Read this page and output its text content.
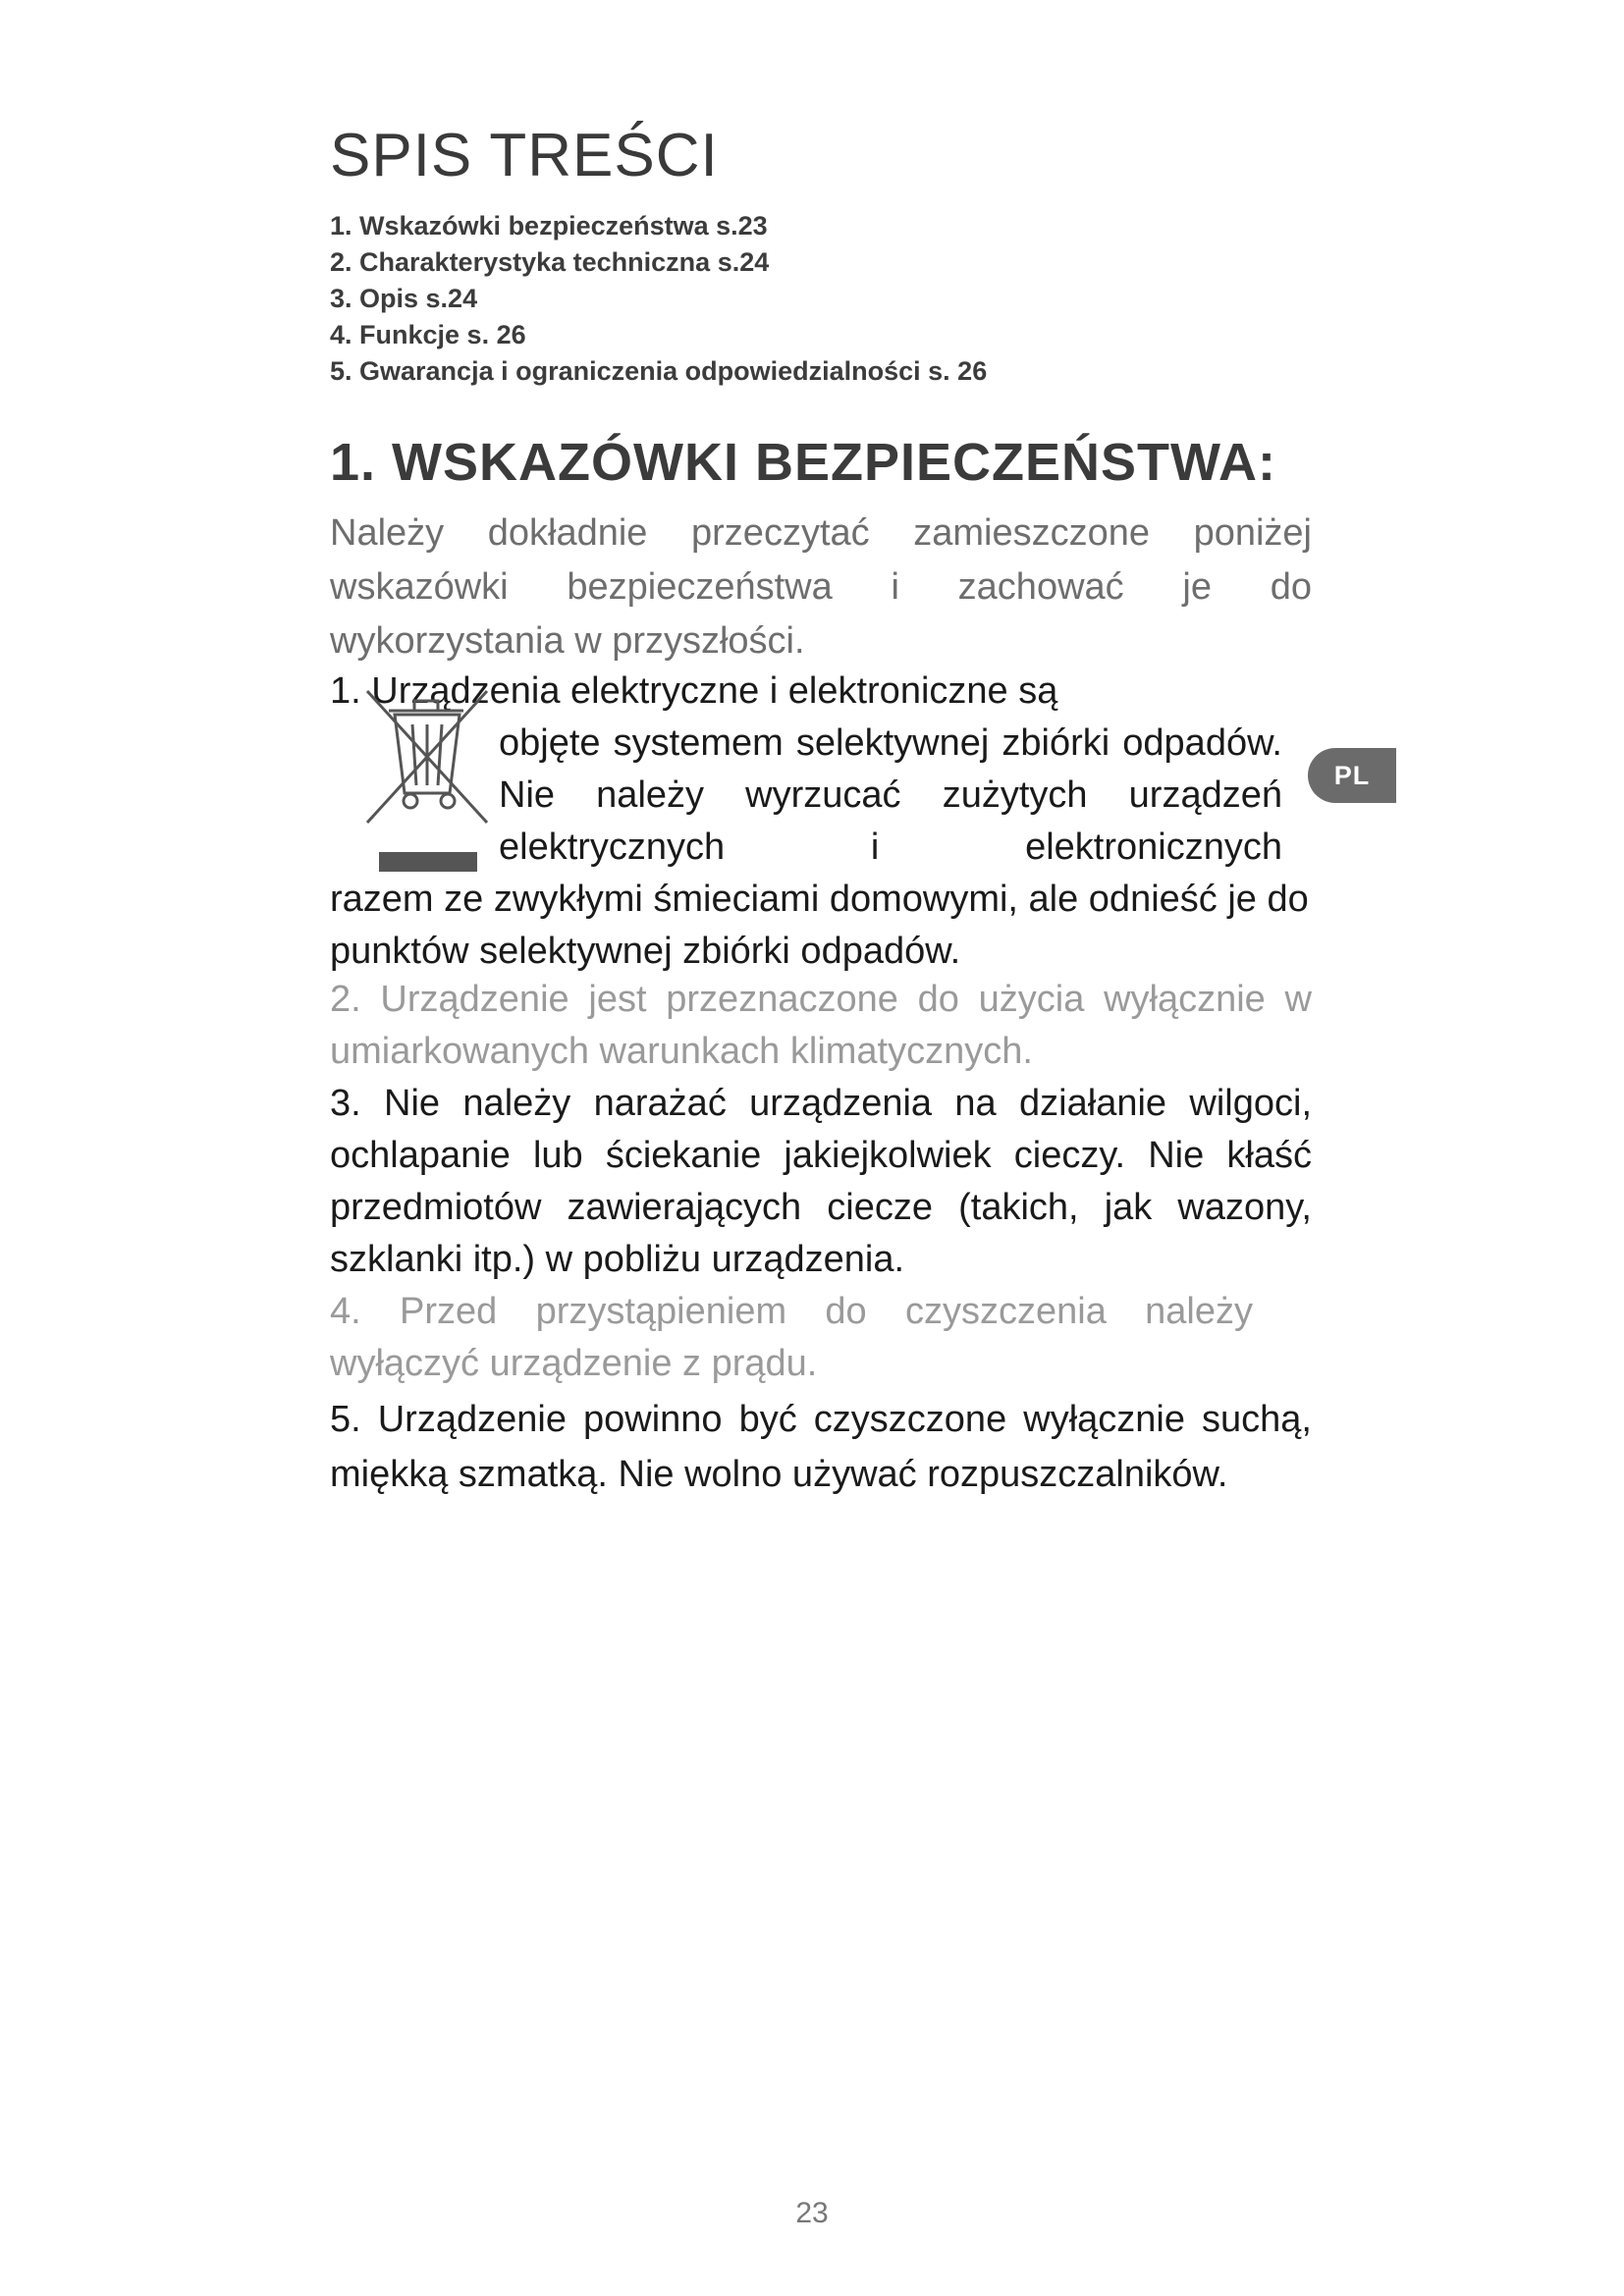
SPIS TREŚCI
1. Wskazówki bezpieczeństwa s.23
2. Charakterystyka techniczna s.24
3. Opis s.24
4. Funkcje s. 26
5. Gwarancja i ograniczenia odpowiedzialności s. 26
1. WSKAZÓWKI BEZPIECZEŃSTWA:

Należy dokładnie przeczytać zamieszczone poniżej wskazówki bezpieczeństwa i zachować je do wykorzystania w przyszłości.

1. Urządzenia elektryczne i elektroniczne są

objęte systemem selektywnej zbiórki odpadów. Nie należy wyrzucać zużytych urządzeń elektrycznych i elektronicznych

razem ze zwykłymi śmieciami domowymi, ale odnieść je do punktów selektywnej zbiórki odpadów.

2. Urządzenie jest przeznaczone do użycia wyłącznie w umiarkowanych warunkach klimatycznych.

3. Nie należy narażać urządzenia na działanie wilgoci, ochlapanie lub ściekanie jakiejkolwiek cieczy. Nie kłaść przedmiotów zawierających ciecze (takich, jak wazony, szklanki itp.) w pobliżu urządzenia.

4. Przed przystąpieniem do czyszczenia należy wyłączyć urządzenie z prądu.

5. Urządzenie powinno być czyszczone wyłącznie suchą, miękką szmatką. Nie wolno używać rozpuszczalników.

PL
23
